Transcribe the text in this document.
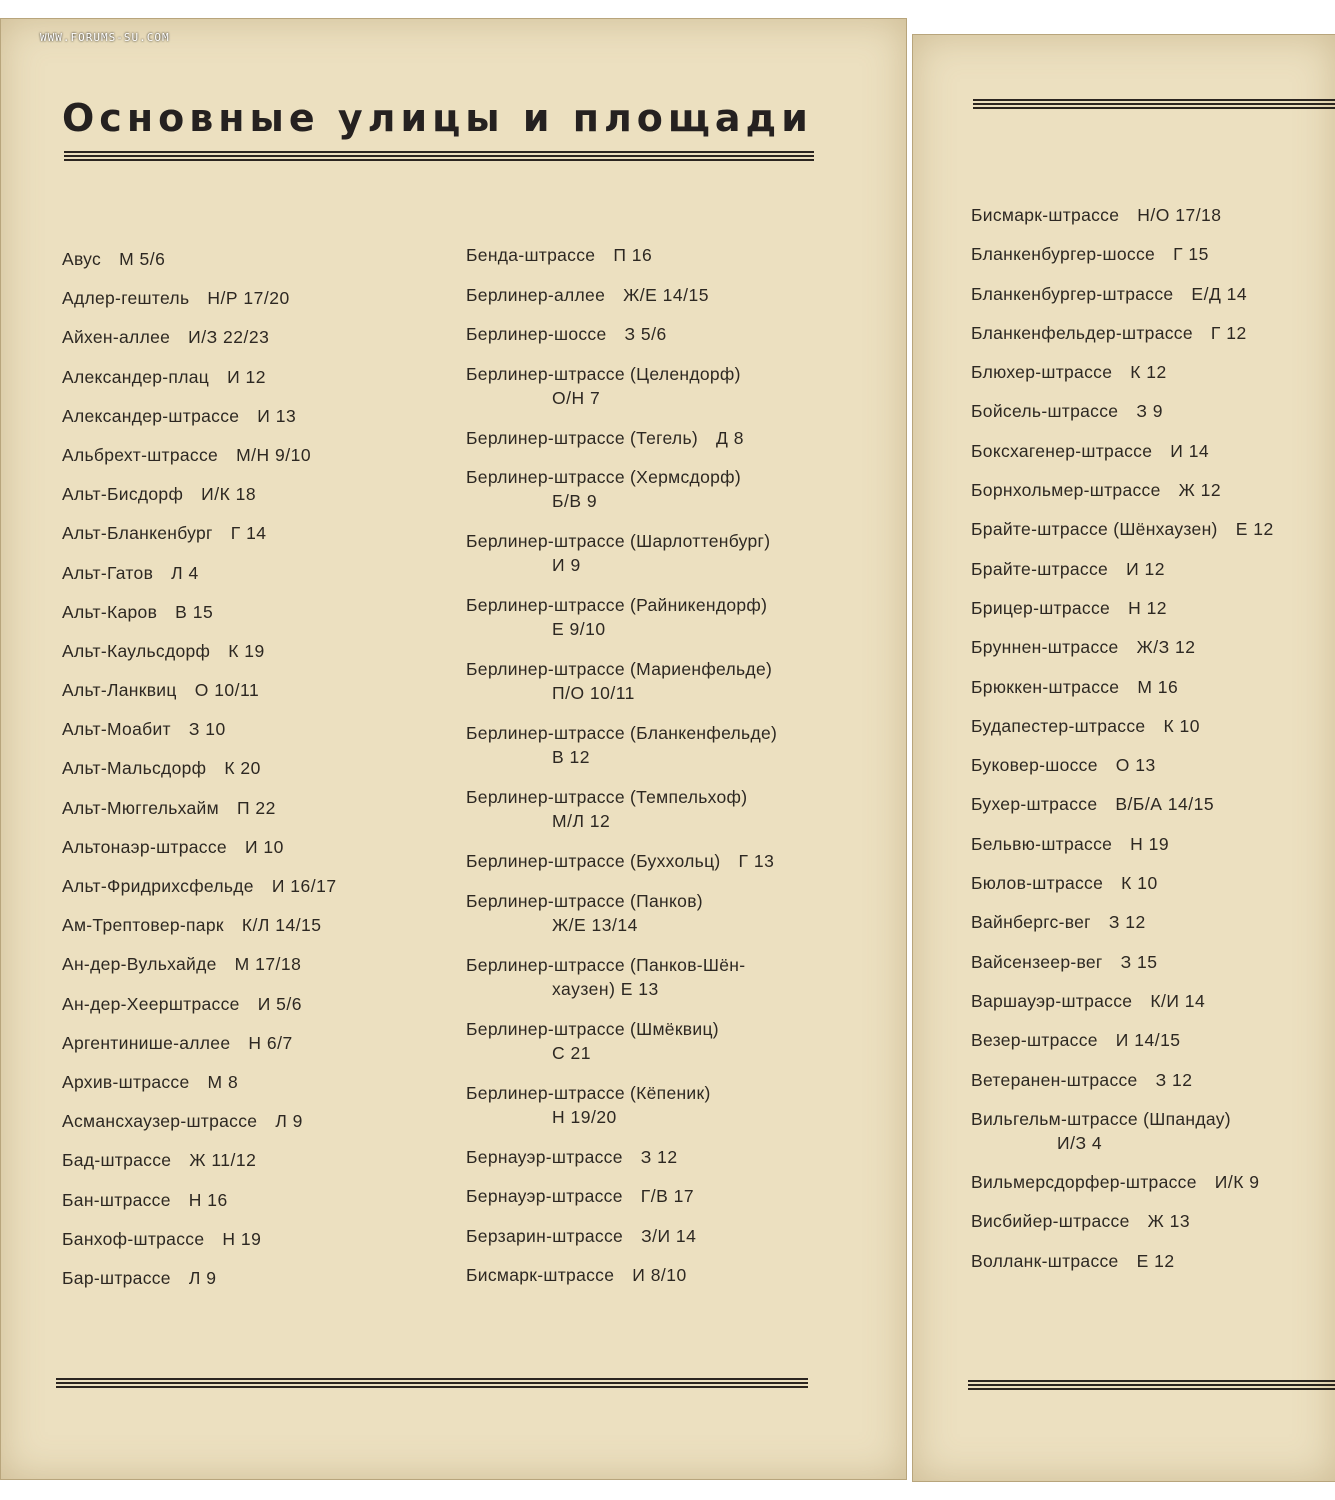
WWW.FORUMS-SU.COM
Основные улицы и площади
Авус М 5/6
Адлер-гештель Н/Р 17/20
Айхен-аллее И/З 22/23
Александер-плац И 12
Александер-штрассе И 13
Альбрехт-штрассе М/Н 9/10
Альт-Бисдорф И/К 18
Альт-Бланкенбург Г 14
Альт-Гатов Л 4
Альт-Каров В 15
Альт-Каульсдорф К 19
Альт-Ланквиц О 10/11
Альт-Моабит З 10
Альт-Мальсдорф К 20
Альт-Мюггельхайм П 22
Альтонаэр-штрассе И 10
Альт-Фридрихсфельде И 16/17
Ам-Трептовер-парк К/Л 14/15
Ан-дер-Вульхайде М 17/18
Ан-дер-Хеерштрассе И 5/6
Аргентинише-аллее Н 6/7
Архив-штрассе М 8
Асмансхаузер-штрассе Л 9
Бад-штрассе Ж 11/12
Бан-штрассе Н 16
Банхоф-штрассе Н 19
Бар-штрассе Л 9
Бенда-штрассе П 16
Берлинер-аллее Ж/Е 14/15
Берлинер-шоссе З 5/6
Берлинер-штрассе (Целендорф)
О/Н 7
Берлинер-штрассе (Тегель) Д 8
Берлинер-штрассе (Хермсдорф)
Б/В 9
Берлинер-штрассе (Шарлоттенбург)
И 9
Берлинер-штрассе (Райникендорф)
Е 9/10
Берлинер-штрассе (Мариенфельде)
П/О 10/11
Берлинер-штрассе (Бланкенфельде)
В 12
Берлинер-штрассе (Темпельхоф)
М/Л 12
Берлинер-штрассе (Буххольц) Г 13
Берлинер-штрассе (Панков)
Ж/Е 13/14
Берлинер-штрассе (Панков-Шён-
хаузен) Е 13
Берлинер-штрассе (Шмёквиц)
С 21
Берлинер-штрассе (Кёпеник)
Н 19/20
Бернауэр-штрассе З 12
Бернауэр-штрассе Г/В 17
Берзарин-штрассе З/И 14
Бисмарк-штрассе И 8/10
Бисмарк-штрассе Н/О 17/18
Бланкенбургер-шоссе Г 15
Бланкенбургер-штрассе Е/Д 14
Бланкенфельдер-штрассе Г 12
Блюхер-штрассе К 12
Бойсель-штрассе З 9
Боксхагенер-штрассе И 14
Борнхольмер-штрассе Ж 12
Брайте-штрассе (Шёнхаузен) Е 12
Брайте-штрассе И 12
Брицер-штрассе Н 12
Бруннен-штрассе Ж/З 12
Брюккен-штрассе М 16
Будапестер-штрассе К 10
Буковер-шоссе О 13
Бухер-штрассе В/Б/А 14/15
Бельвю-штрассе Н 19
Бюлов-штрассе К 10
Вайнбергс-вег З 12
Вайсензеер-вег З 15
Варшауэр-штрассе К/И 14
Везер-штрассе И 14/15
Ветеранен-штрассе З 12
Вильгельм-штрассе (Шпандау)
И/З 4
Вильмерсдорфер-штрассе И/К 9
Висбийер-штрассе Ж 13
Волланк-штрассе Е 12
